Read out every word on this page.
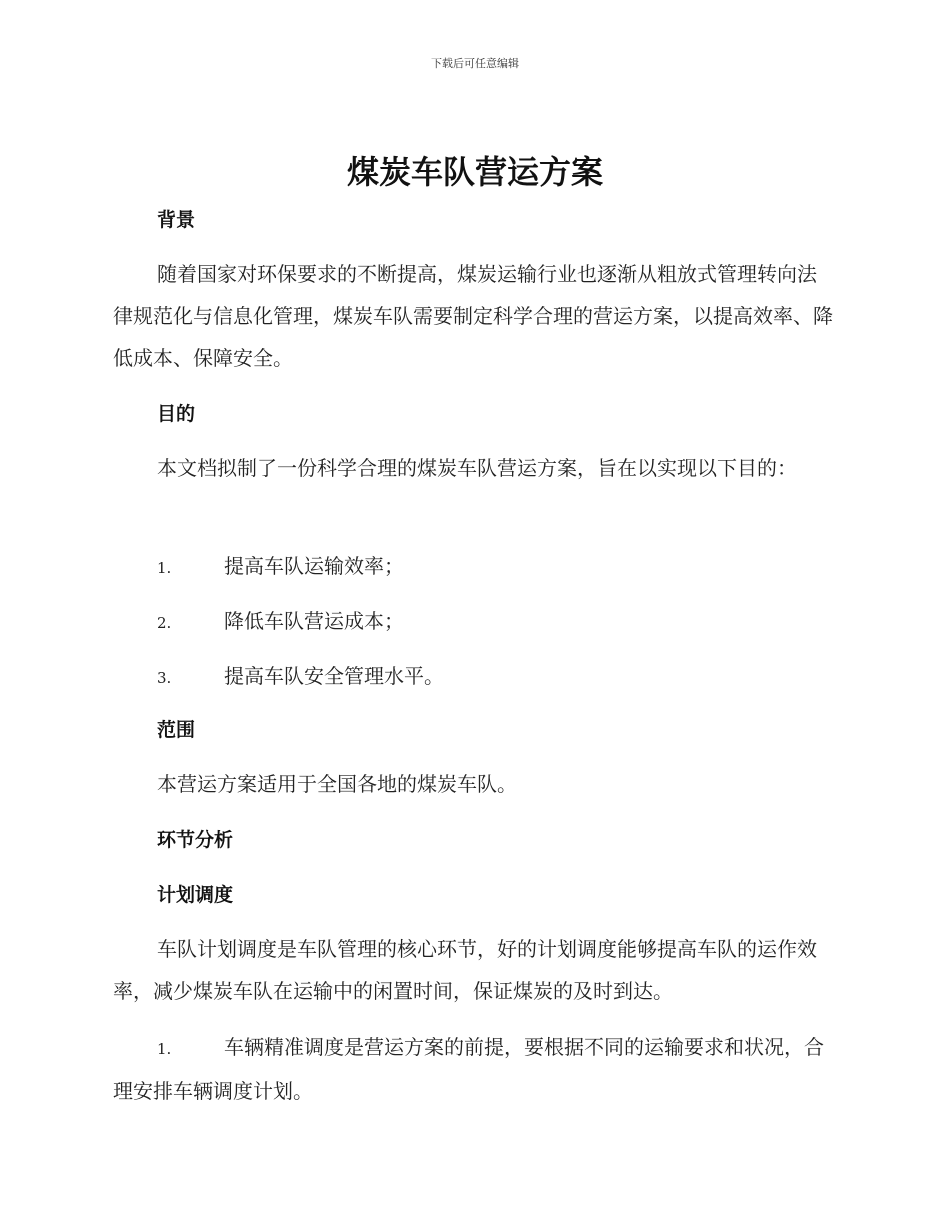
下载后可任意编辑
煤炭车队营运方案
背景

随着国家对环保要求的不断提高，煤炭运输行业也逐渐从粗放式管理转向法律规范化与信息化管理，煤炭车队需要制定科学合理的营运方案，以提高效率、降低成本、保障安全。

目的

本文档拟制了一份科学合理的煤炭车队营运方案，旨在以实现以下目的：

1.	提高车队运输效率；
2.	降低车队营运成本；
3.	提高车队安全管理水平。
范围

本营运方案适用于全国各地的煤炭车队。

环节分析
计划调度

车队计划调度是车队管理的核心环节，好的计划调度能够提高车队的运作效率，减少煤炭车队在运输中的闲置时间，保证煤炭的及时到达。

1.	车辆精准调度是营运方案的前提，要根据不同的运输要求和状况，合理安排车辆调度计划。
